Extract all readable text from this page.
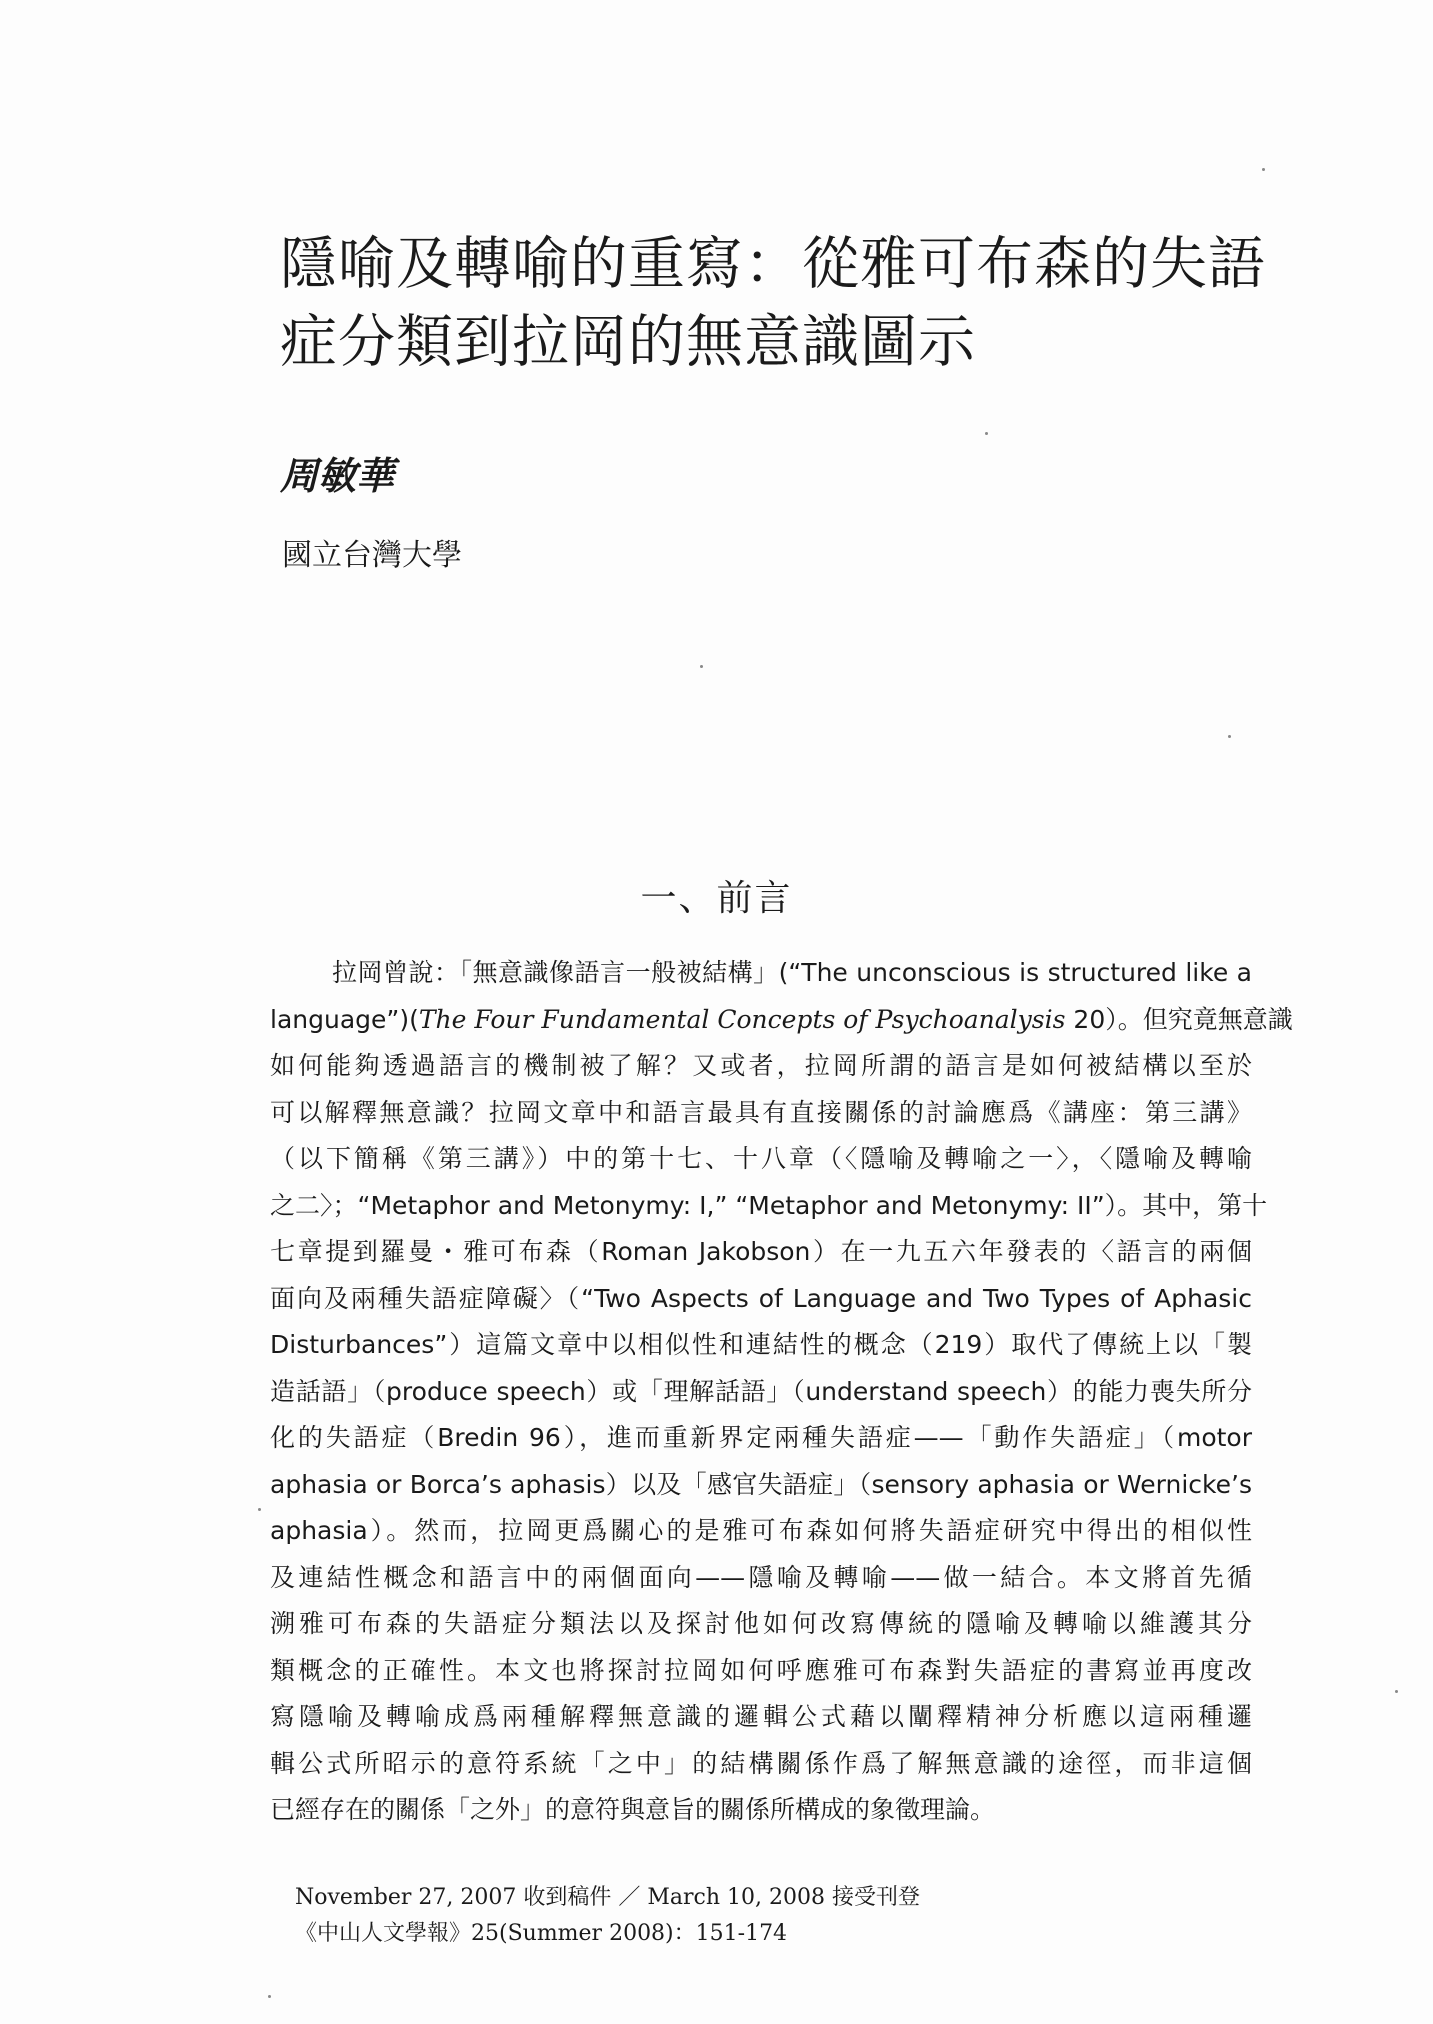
隱喻及轉喻的重寫：從雅可布森的失語
症分類到拉岡的無意識圖示

周敏華

國立台灣大學

一、前言
拉岡曾說：「無意識像語言一般被結構」(“The unconscious is structured like a
language”)(The Four Fundamental Concepts of Psychoanalysis 20）。但究竟無意識
如何能夠透過語言的機制被了解？又或者，拉岡所謂的語言是如何被結構以至於
可以解釋無意識？拉岡文章中和語言最具有直接關係的討論應爲《講座：第三講》
（以下簡稱《第三講》）中的第十七、十八章（〈隱喻及轉喻之一〉，〈隱喻及轉喻
之二〉；“Metaphor and Metonymy: I,” “Metaphor and Metonymy: II”）。其中，第十
七章提到羅曼・雅可布森（Roman Jakobson）在一九五六年發表的〈語言的兩個
面向及兩種失語症障礙〉（“Two Aspects of Language and Two Types of Aphasic
Disturbances”）這篇文章中以相似性和連結性的概念（219）取代了傳統上以「製
造話語」（produce speech）或「理解話語」（understand speech）的能力喪失所分
化的失語症（Bredin 96），進而重新界定兩種失語症——「動作失語症」（motor
aphasia or Borca’s aphasis）以及「感官失語症」（sensory aphasia or Wernicke’s
aphasia）。然而，拉岡更爲關心的是雅可布森如何將失語症研究中得出的相似性
及連結性概念和語言中的兩個面向——隱喻及轉喻——做一結合。本文將首先循
溯雅可布森的失語症分類法以及探討他如何改寫傳統的隱喻及轉喻以維護其分
類概念的正確性。本文也將探討拉岡如何呼應雅可布森對失語症的書寫並再度改
寫隱喻及轉喻成爲兩種解釋無意識的邏輯公式藉以闡釋精神分析應以這兩種邏
輯公式所昭示的意符系統「之中」的結構關係作爲了解無意識的途徑，而非這個
已經存在的關係「之外」的意符與意旨的關係所構成的象徵理論。
November 27, 2007 收到稿件 ／ March 10, 2008 接受刊登
《中山人文學報》25(Summer 2008)：151-174
